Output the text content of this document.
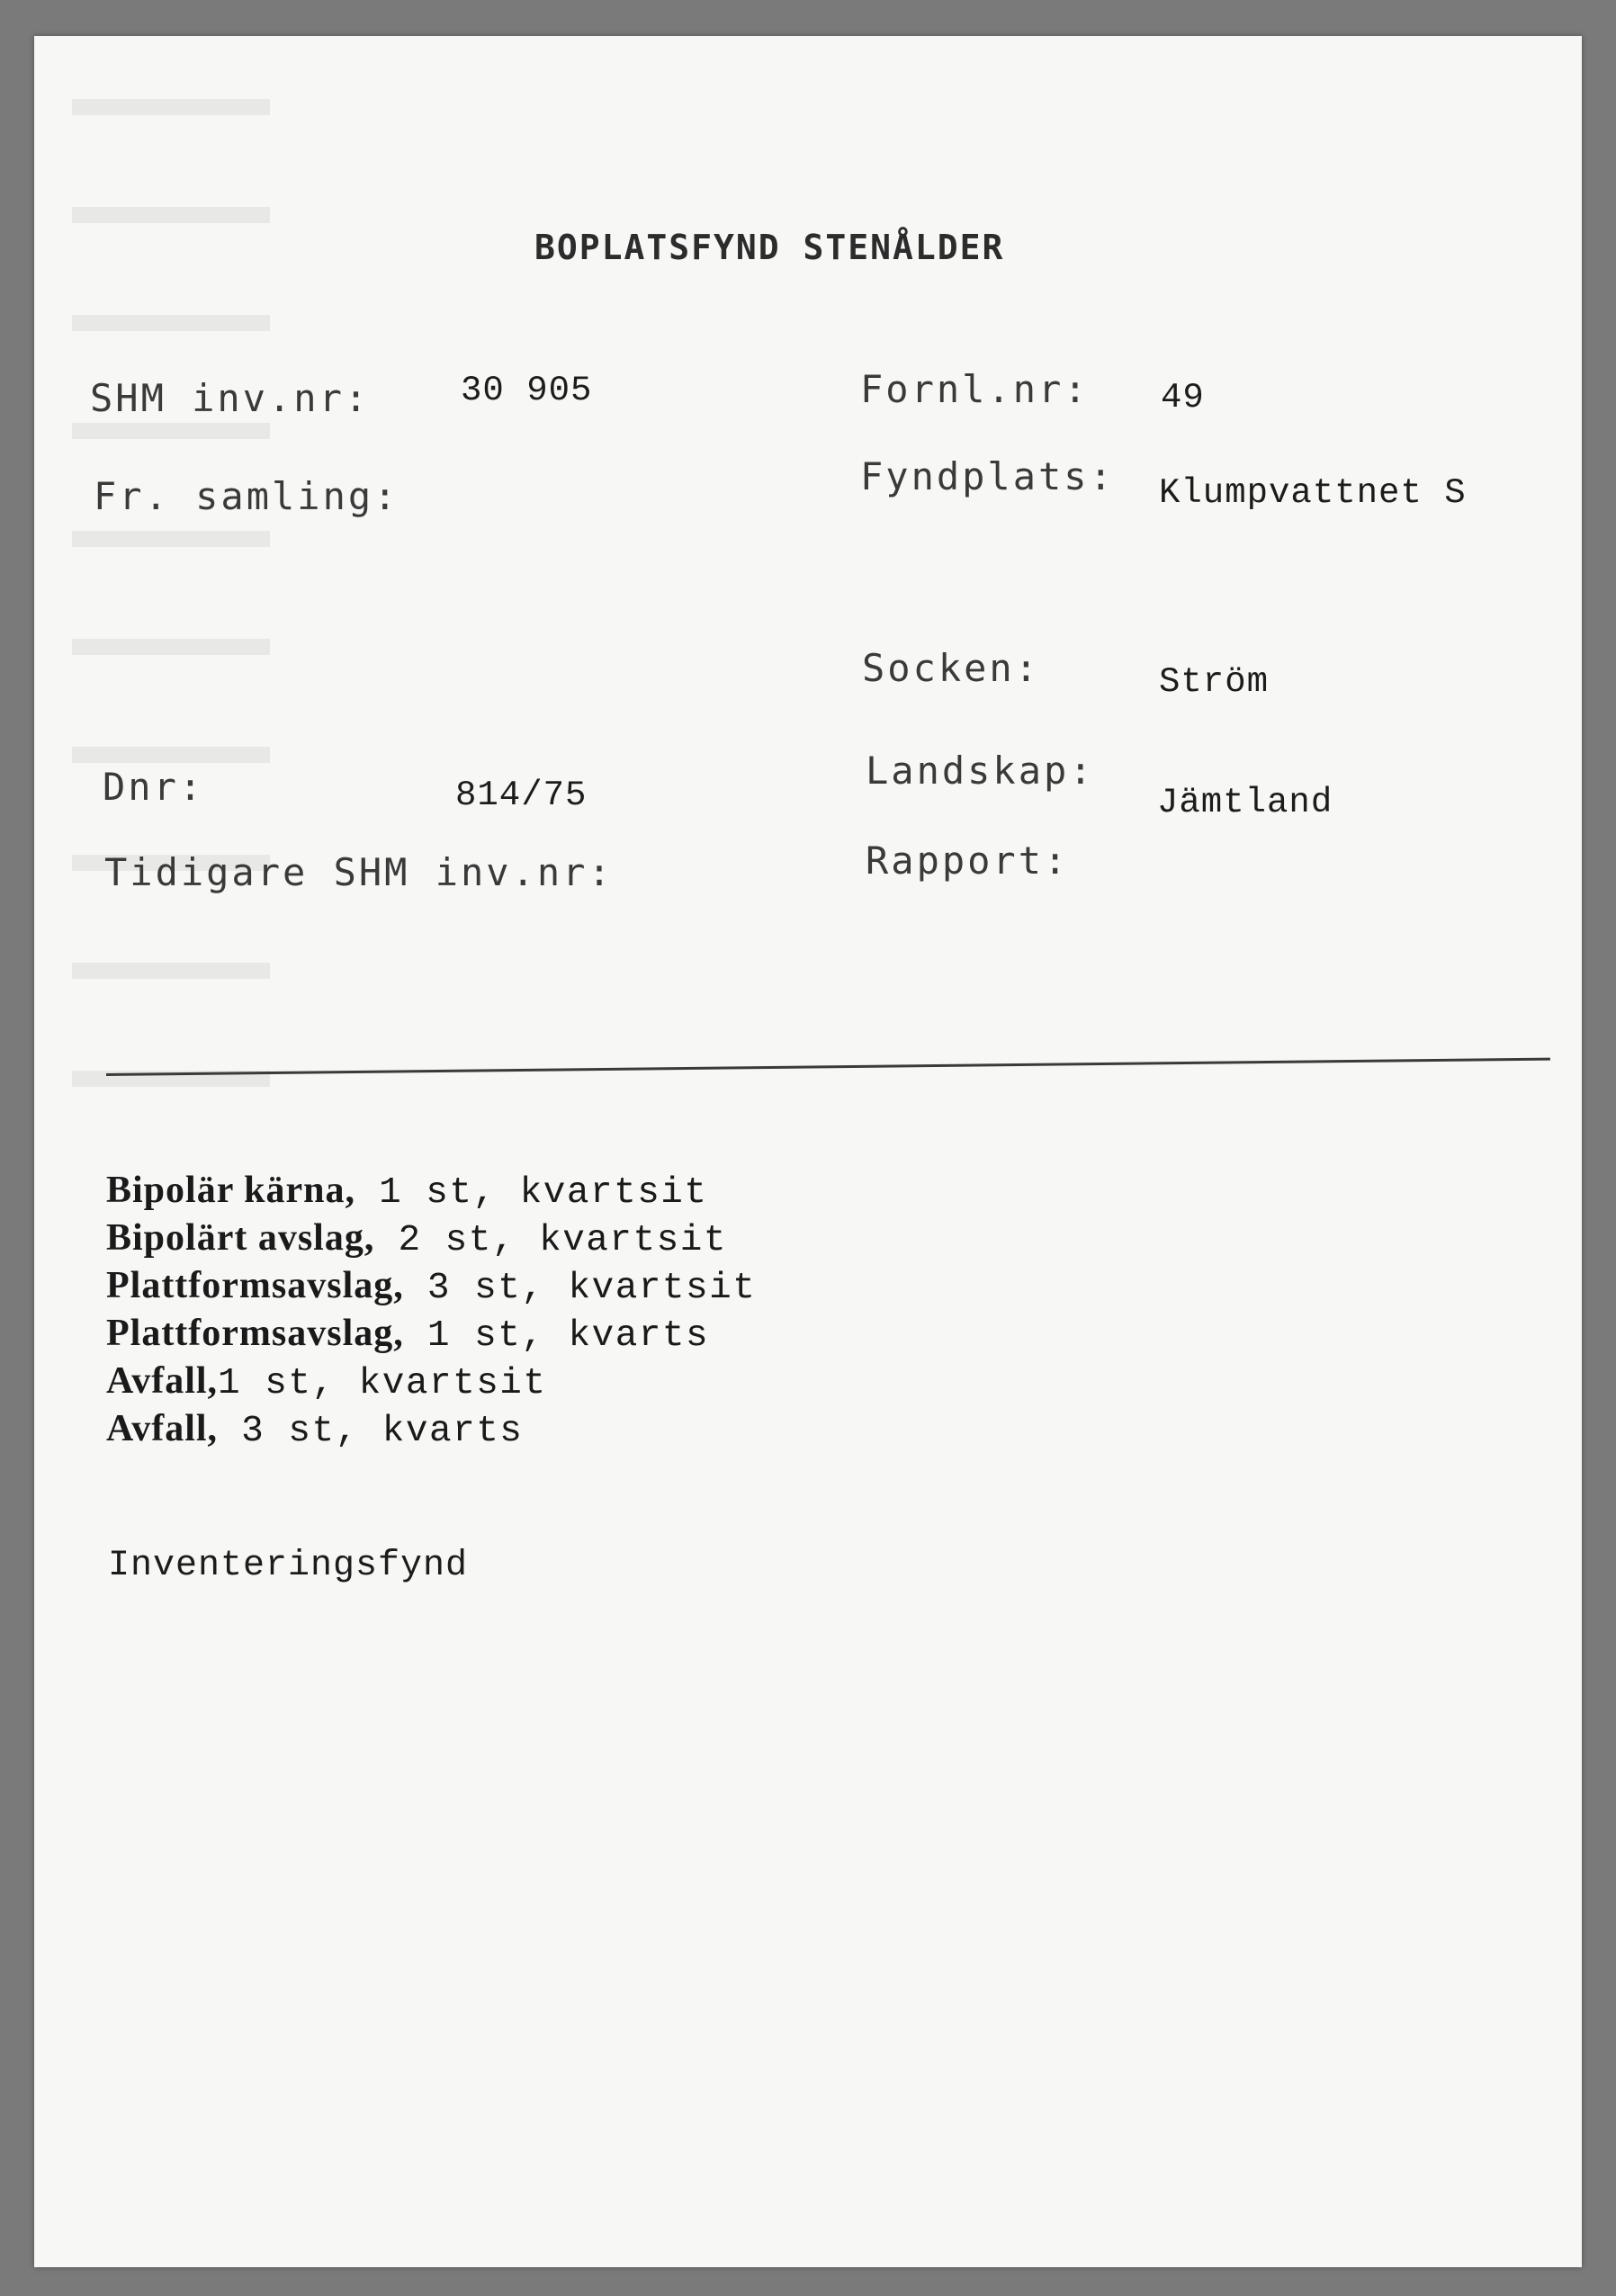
BOPLATSFYND STENÅLDER
SHM inv.nr:	30 905
Fr. samling:
Dnr:	814/75
Tidigare SHM inv.nr:
Fornl.nr: 49
Fyndplats: Klumpvattnet S
Socken:	Ström
Landskap:
Jämtland
Rapport:
Bipolär kärna, 1 st, kvartsit
Bipolärt avslag, 2 st, kvartsit
Plattformsavslag, 3 st, kvartsit
Plattformsavslag, 1 st, kvarts
Avfall,1 st, kvartsit
Avfall, 3 st, kvarts
Inventeringsfynd
